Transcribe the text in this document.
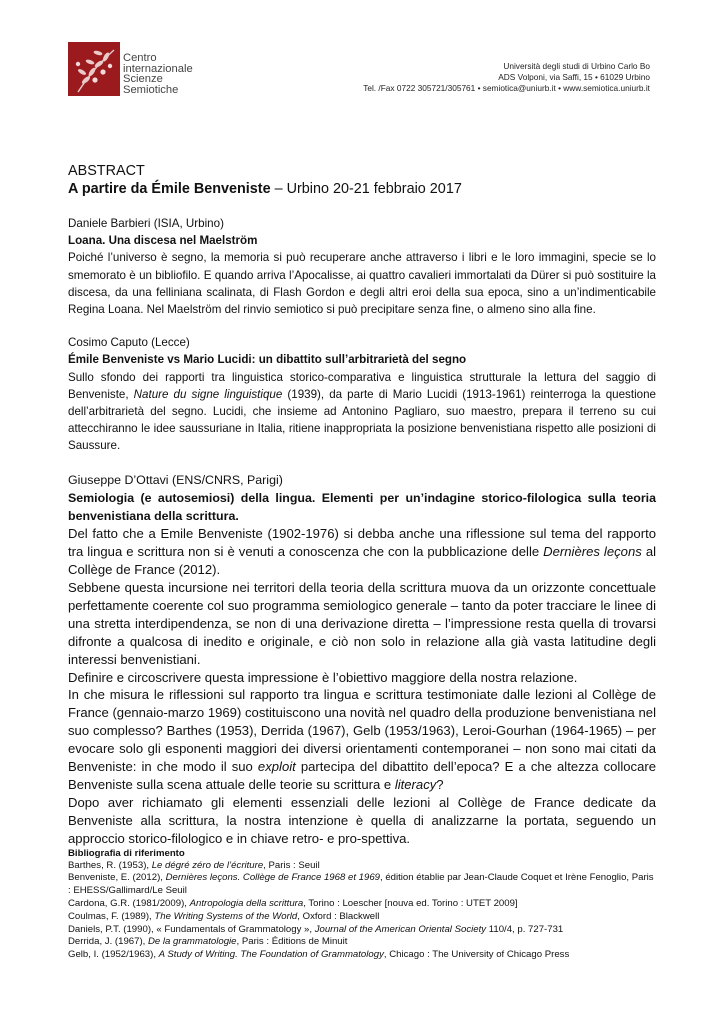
Centro
internazionale
Scienze
Semiotiche
Università degli studi di Urbino Carlo Bo
ADS Volponi, via Saffi, 15 • 61029 Urbino
Tel. /Fax 0722 305721/305761 • semiotica@uniurb.it • www.semiotica.uniurb.it

ABSTRACT

A partire da Émile Benveniste – Urbino 20-21 febbraio 2017

Daniele Barbieri (ISIA, Urbino)

Loana. Una discesa nel Maelström

Poiché l’universo è segno, la memoria si può recuperare anche attraverso i libri e le loro immagini, specie se lo smemorato è un bibliofilo. E quando arriva l’Apocalisse, ai quattro cavalieri immortalati da Dürer si può sostituire la discesa, da una felliniana scalinata, di Flash Gordon e degli altri eroi della sua epoca, sino a un’indimenticabile Regina Loana. Nel Maelström del rinvio semiotico si può precipitare senza fine, o almeno sino alla fine.

Cosimo Caputo (Lecce)

Émile Benveniste vs Mario Lucidi: un dibattito sull’arbitrarietà del segno

Sullo sfondo dei rapporti tra linguistica storico-comparativa e linguistica strutturale la lettura del saggio di Benveniste, Nature du signe linguistique (1939), da parte di Mario Lucidi (1913-1961) reinterroga la questione dell’arbitrarietà del segno. Lucidi, che insieme ad Antonino Pagliaro, suo maestro, prepara il terreno su cui attecchiranno le idee saussuriane in Italia, ritiene inappropriata la posizione benvenistiana rispetto alle posizioni di Saussure.

Giuseppe D’Ottavi (ENS/CNRS, Parigi)

Semiologia (e autosemiosi) della lingua. Elementi per un’indagine storico-filologica sulla teoria benvenistiana della scrittura.

Del fatto che a Emile Benveniste (1902-1976) si debba anche una riflessione sul tema del rapporto tra lingua e scrittura non si è venuti a conoscenza che con la pubblicazione delle Dernières leçons al Collège de France (2012).

Sebbene questa incursione nei territori della teoria della scrittura muova da un orizzonte concettuale perfettamente coerente col suo programma semiologico generale – tanto da poter tracciare le linee di una stretta interdipendenza, se non di una derivazione diretta – l’impressione resta quella di trovarsi difronte a qualcosa di inedito e originale, e ciò non solo in relazione alla già vasta latitudine degli interessi benvenistiani.

Definire e circoscrivere questa impressione è l’obiettivo maggiore della nostra relazione.

In che misura le riflessioni sul rapporto tra lingua e scrittura testimoniate dalle lezioni al Collège de France (gennaio-marzo 1969) costituiscono una novità nel quadro della produzione benvenistiana nel suo complesso? Barthes (1953), Derrida (1967), Gelb (1953/1963), Leroi-Gourhan (1964-1965) – per evocare solo gli esponenti maggiori dei diversi orientamenti contemporanei – non sono mai citati da Benveniste: in che modo il suo exploit partecipa del dibattito dell’epoca? E a che altezza collocare Benveniste sulla scena attuale delle teorie su scrittura e literacy?

Dopo aver richiamato gli elementi essenziali delle lezioni al Collège de France dedicate da Benveniste alla scrittura, la nostra intenzione è quella di analizzarne la portata, seguendo un approccio storico-filologico e in chiave retro- e pro-spettiva.

Bibliografia di riferimento

Barthes, R. (1953), Le dégré zéro de l’écriture, Paris : Seuil

Benveniste, E. (2012), Dernières leçons. Collège de France 1968 et 1969, édition établie par Jean-Claude Coquet et Irène Fenoglio, Paris : EHESS/Gallimard/Le Seuil

Cardona, G.R. (1981/2009), Antropologia della scrittura, Torino : Loescher [nouva ed. Torino : UTET 2009]

Coulmas, F. (1989), The Writing Systems of the World, Oxford : Blackwell

Daniels, P.T. (1990), « Fundamentals of Grammatology », Journal of the American Oriental Society 110/4, p. 727-731

Derrida, J. (1967), De la grammatologie, Paris : Éditions de Minuit

Gelb, I. (1952/1963), A Study of Writing. The Foundation of Grammatology, Chicago : The University of Chicago Press
